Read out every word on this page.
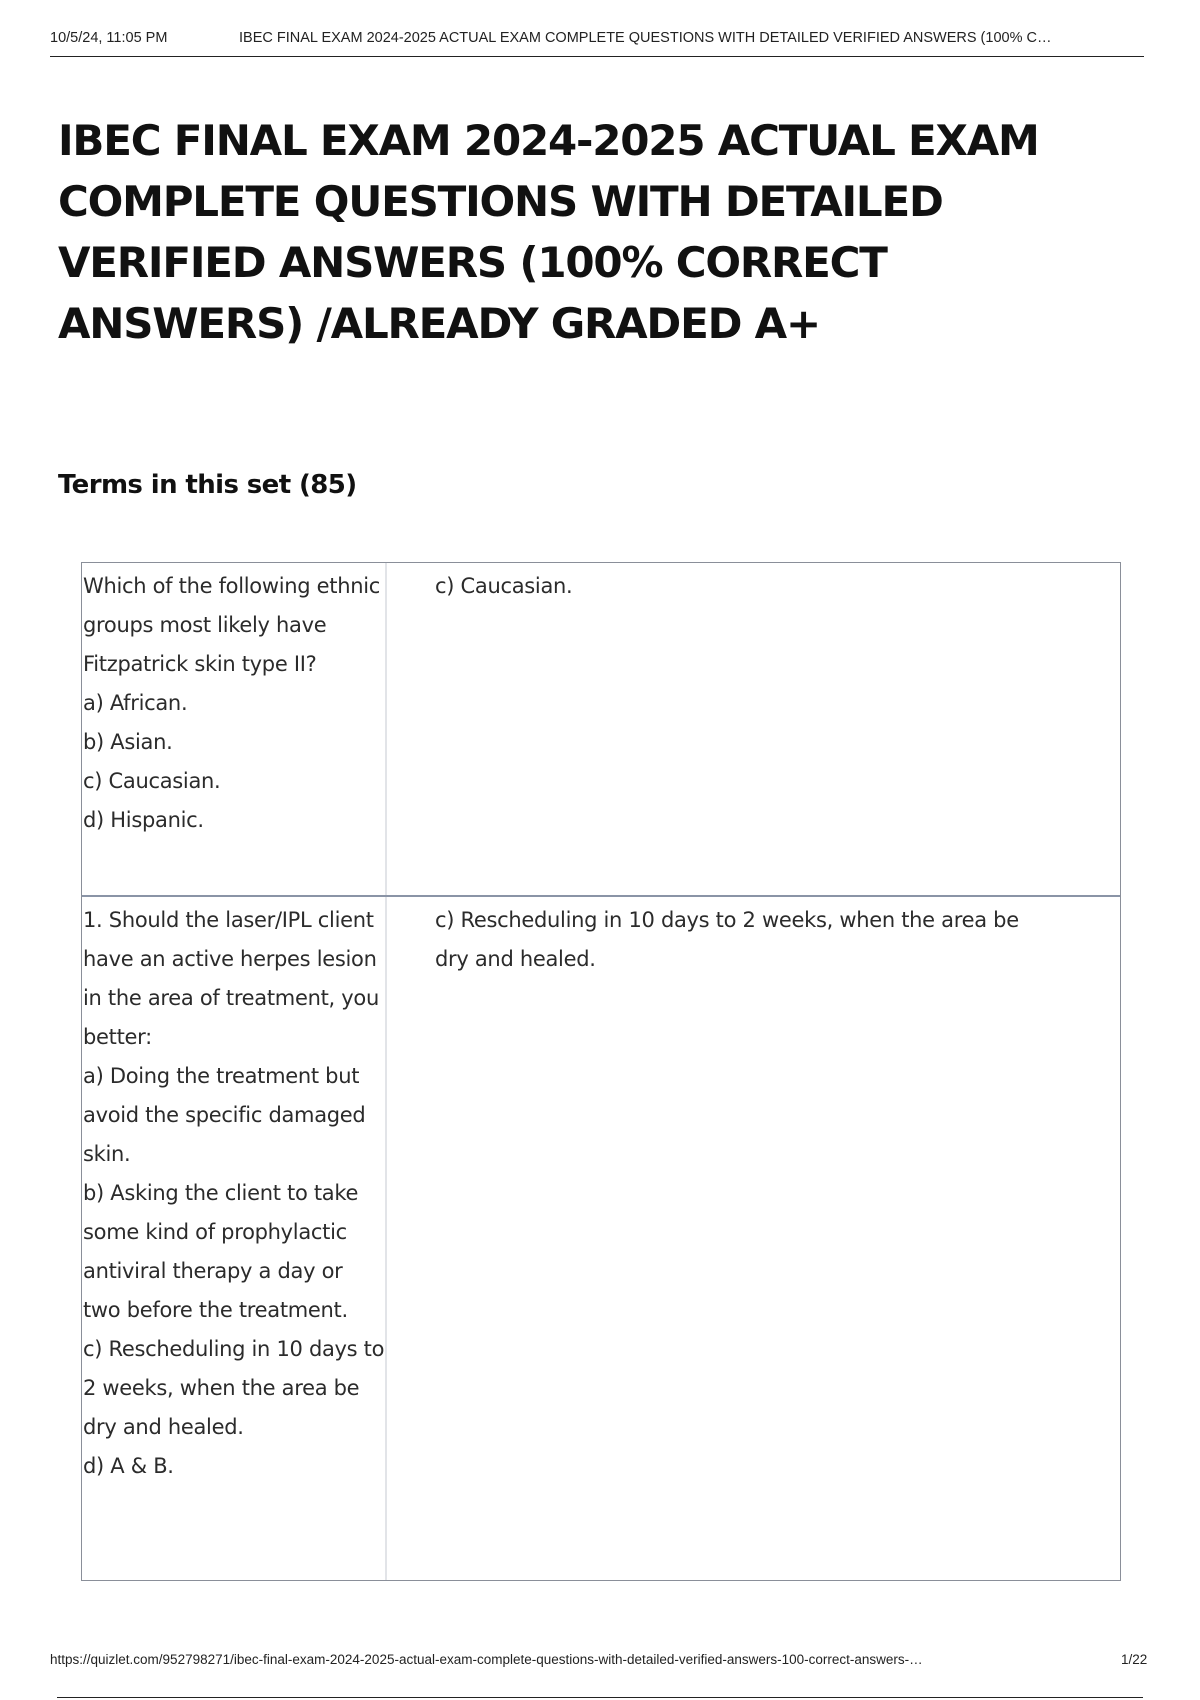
10/5/24, 11:05 PM	IBEC FINAL EXAM 2024-2025 ACTUAL EXAM COMPLETE QUESTIONS WITH DETAILED VERIFIED ANSWERS (100% C…
IBEC FINAL EXAM 2024-2025 ACTUAL EXAM COMPLETE QUESTIONS WITH DETAILED VERIFIED ANSWERS (100% CORRECT ANSWERS) /ALREADY GRADED A+
Terms in this set (85)
Which of the following ethnic groups most likely have Fitzpatrick skin type II?
a) African.
b) Asian.
c) Caucasian.
d) Hispanic.
c) Caucasian.
1. Should the laser/IPL client have an active herpes lesion in the area of treatment, you better:
a) Doing the treatment but avoid the specific damaged skin.
b) Asking the client to take some kind of prophylactic antiviral therapy a day or two before the treatment.
c) Rescheduling in 10 days to 2 weeks, when the area be dry and healed.
d) A & B.
c) Rescheduling in 10 days to 2 weeks, when the area be dry and healed.
https://quizlet.com/952798271/ibec-final-exam-2024-2025-actual-exam-complete-questions-with-detailed-verified-answers-100-correct-answers-…	1/22
